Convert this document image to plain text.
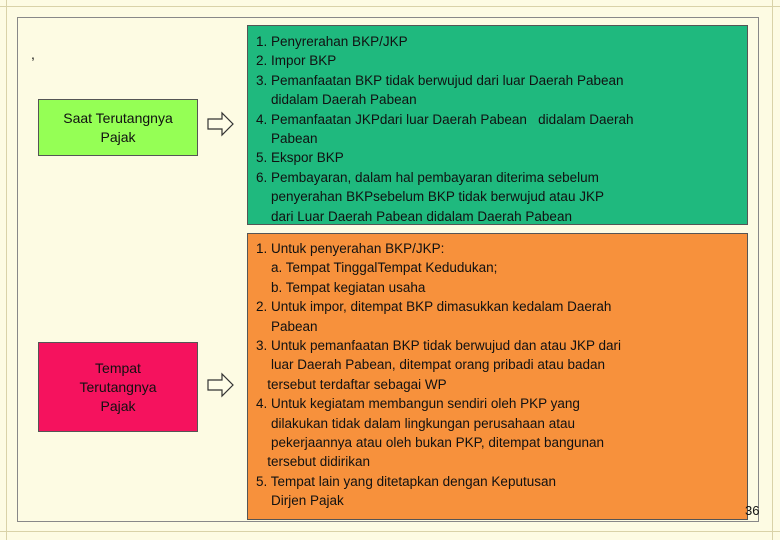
,
Saat Terutangnya Pajak
1. Penyrerahan BKP/JKP
2. Impor BKP
3. Pemanfaatan BKP tidak berwujud dari luar Daerah Pabean
didalam Daerah Pabean
4. Pemanfaatan JKPdari luar Daerah Pabean   didalam Daerah
Pabean
5. Ekspor BKP
6. Pembayaran, dalam hal pembayaran diterima sebelum
penyerahan BKPsebelum BKP tidak berwujud atau JKP
dari Luar Daerah Pabean didalam Daerah Pabean
Tempat Terutangnya Pajak
1. Untuk penyerahan BKP/JKP:
a. Tempat TinggalTempat Kedudukan;
b. Tempat kegiatan usaha
2. Untuk impor, ditempat BKP dimasukkan kedalam Daerah
Pabean
3. Untuk pemanfaatan BKP tidak berwujud dan atau JKP dari
luar Daerah Pabean, ditempat orang pribadi atau badan
tersebut terdaftar sebagai WP
4. Untuk kegiatam membangun sendiri oleh PKP yang
dilakukan tidak dalam lingkungan perusahaan atau
pekerjaannya atau oleh bukan PKP, ditempat bangunan
tersebut didirikan
5. Tempat lain yang ditetapkan dengan Keputusan
Dirjen Pajak
36
